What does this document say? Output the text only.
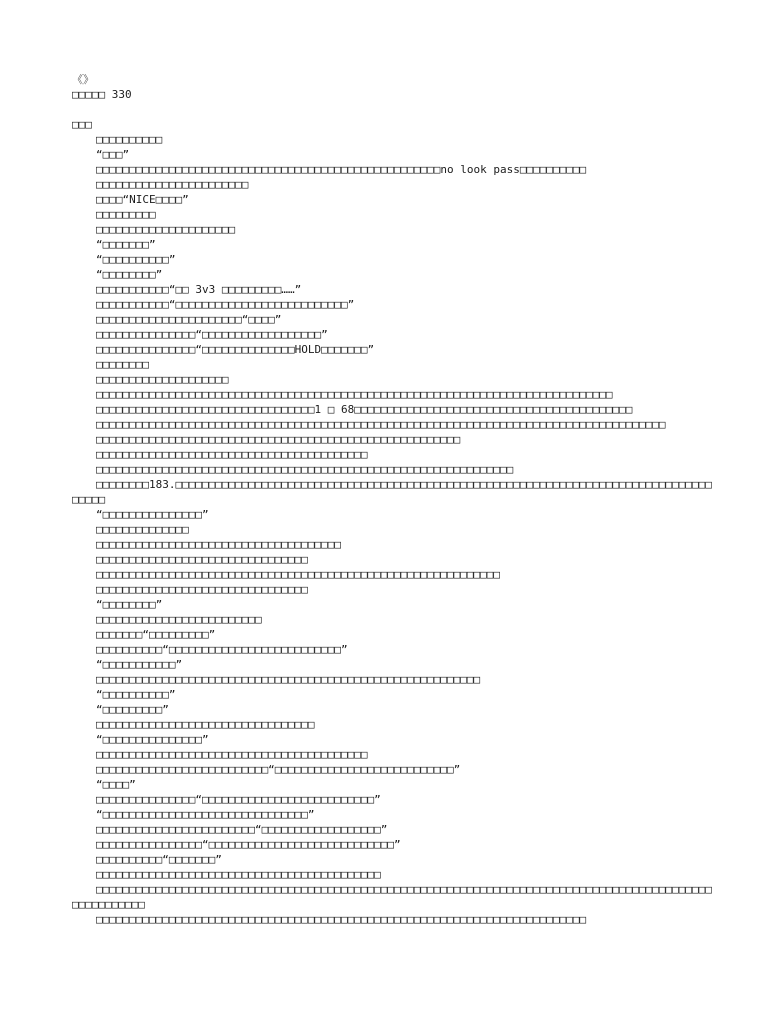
《》
□□□□□ 330

□□□

□□□□□□□□□□

“□□□”

□□□□□□□□□□□□□□□□□□□□□□□□□□□□□□□□□□□□□□□□□□□□□□□□□□□□no look pass□□□□□□□□□□

□□□□□□□□□□□□□□□□□□□□□□□

□□□□“NICE□□□□”

□□□□□□□□□

□□□□□□□□□□□□□□□□□□□□□

“□□□□□□□”

“□□□□□□□□□□”

“□□□□□□□□”

□□□□□□□□□□□“□□ 3v3 □□□□□□□□□……”

□□□□□□□□□□□“□□□□□□□□□□□□□□□□□□□□□□□□□□”

□□□□□□□□□□□□□□□□□□□□□□“□□□□”

□□□□□□□□□□□□□□□“□□□□□□□□□□□□□□□□□□”

□□□□□□□□□□□□□□□“□□□□□□□□□□□□□□HOLD□□□□□□□”

□□□□□□□□

□□□□□□□□□□□□□□□□□□□□

□□□□□□□□□□□□□□□□□□□□□□□□□□□□□□□□□□□□□□□□□□□□□□□□□□□□□□□□□□□□□□□□□□□□□□□□□□□□□□

□□□□□□□□□□□□□□□□□□□□□□□□□□□□□□□□□1 □ 68□□□□□□□□□□□□□□□□□□□□□□□□□□□□□□□□□□□□□□□□□□

□□□□□□□□□□□□□□□□□□□□□□□□□□□□□□□□□□□□□□□□□□□□□□□□□□□□□□□□□□□□□□□□□□□□□□□□□□□□□□□□□□□□□□

□□□□□□□□□□□□□□□□□□□□□□□□□□□□□□□□□□□□□□□□□□□□□□□□□□□□□□□

□□□□□□□□□□□□□□□□□□□□□□□□□□□□□□□□□□□□□□□□□

□□□□□□□□□□□□□□□□□□□□□□□□□□□□□□□□□□□□□□□□□□□□□□□□□□□□□□□□□□□□□□□

□□□□□□□□183.□□□□□□□□□□□□□□□□□□□□□□□□□□□□□□□□□□□□□□□□□□□□□□□□□□□□□□□□□□□□□□□□□□□□□□□□□□□□□□□□□□□□□□

“□□□□□□□□□□□□□□□”

□□□□□□□□□□□□□□

□□□□□□□□□□□□□□□□□□□□□□□□□□□□□□□□□□□□□

□□□□□□□□□□□□□□□□□□□□□□□□□□□□□□□□

□□□□□□□□□□□□□□□□□□□□□□□□□□□□□□□□□□□□□□□□□□□□□□□□□□□□□□□□□□□□□

□□□□□□□□□□□□□□□□□□□□□□□□□□□□□□□□

“□□□□□□□□”

□□□□□□□□□□□□□□□□□□□□□□□□□

□□□□□□□“□□□□□□□□□”

□□□□□□□□□□“□□□□□□□□□□□□□□□□□□□□□□□□□□”

“□□□□□□□□□□□”

□□□□□□□□□□□□□□□□□□□□□□□□□□□□□□□□□□□□□□□□□□□□□□□□□□□□□□□□□□

“□□□□□□□□□□”

“□□□□□□□□□”

□□□□□□□□□□□□□□□□□□□□□□□□□□□□□□□□□

“□□□□□□□□□□□□□□□”

□□□□□□□□□□□□□□□□□□□□□□□□□□□□□□□□□□□□□□□□□

□□□□□□□□□□□□□□□□□□□□□□□□□□“□□□□□□□□□□□□□□□□□□□□□□□□□□□”

“□□□□”

□□□□□□□□□□□□□□□“□□□□□□□□□□□□□□□□□□□□□□□□□□”

“□□□□□□□□□□□□□□□□□□□□□□□□□□□□□□□”

□□□□□□□□□□□□□□□□□□□□□□□□“□□□□□□□□□□□□□□□□□□”

□□□□□□□□□□□□□□□□“□□□□□□□□□□□□□□□□□□□□□□□□□□□□”

□□□□□□□□□□“□□□□□□□”

□□□□□□□□□□□□□□□□□□□□□□□□□□□□□□□□□□□□□□□□□□□

□□□□□□□□□□□□□□□□□□□□□□□□□□□□□□□□□□□□□□□□□□□□□□□□□□□□□□□□□□□□□□□□□□□□□□□□□□□□□□□□□□□□□□□□□□□□□□□□□□□□□□□□

□□□□□□□□□□□□□□□□□□□□□□□□□□□□□□□□□□□□□□□□□□□□□□□□□□□□□□□□□□□□□□□□□□□□□□□□□□
